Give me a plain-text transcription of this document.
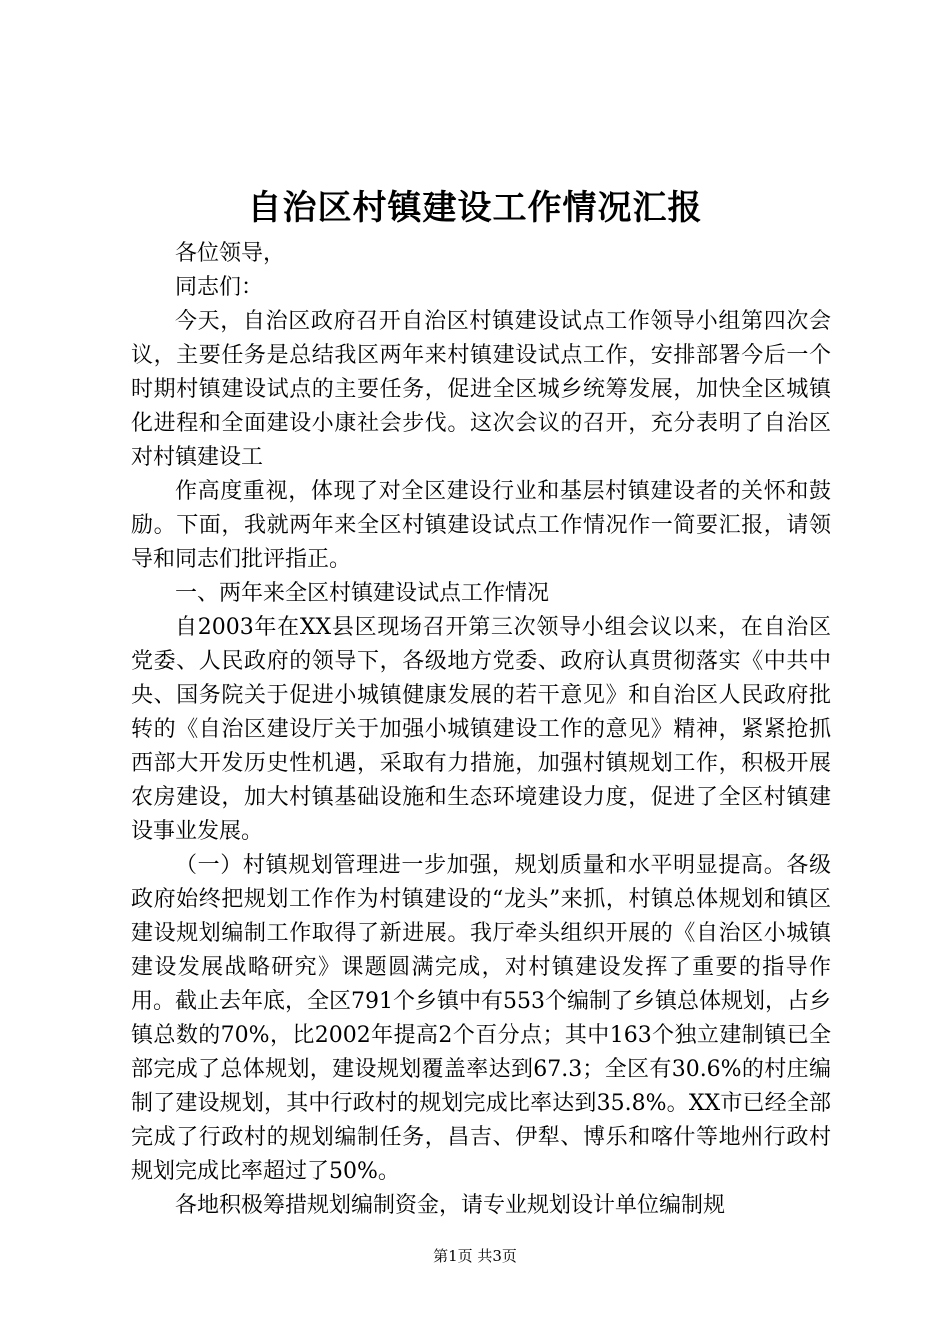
自治区村镇建设工作情况汇报

各位领导，

同志们：

今天，自治区政府召开自治区村镇建设试点工作领导小组第四次会议，主要任务是总结我区两年来村镇建设试点工作，安排部署今后一个时期村镇建设试点的主要任务，促进全区城乡统筹发展，加快全区城镇化进程和全面建设小康社会步伐。这次会议的召开，充分表明了自治区对村镇建设工

作高度重视，体现了对全区建设行业和基层村镇建设者的关怀和鼓励。下面，我就两年来全区村镇建设试点工作情况作一简要汇报，请领导和同志们批评指正。

一、两年来全区村镇建设试点工作情况

自2003年在XX县区现场召开第三次领导小组会议以来，在自治区党委、人民政府的领导下，各级地方党委、政府认真贯彻落实《中共中央、国务院关于促进小城镇健康发展的若干意见》和自治区人民政府批转的《自治区建设厅关于加强小城镇建设工作的意见》精神，紧紧抢抓西部大开发历史性机遇，采取有力措施，加强村镇规划工作，积极开展农房建设，加大村镇基础设施和生态环境建设力度，促进了全区村镇建设事业发展。

（一）村镇规划管理进一步加强，规划质量和水平明显提高。各级政府始终把规划工作作为村镇建设的“龙头”来抓，村镇总体规划和镇区建设规划编制工作取得了新进展。我厅牵头组织开展的《自治区小城镇建设发展战略研究》课题圆满完成，对村镇建设发挥了重要的指导作用。截止去年底，全区791个乡镇中有553个编制了乡镇总体规划，占乡镇总数的70%，比2002年提高2个百分点；其中163个独立建制镇已全部完成了总体规划，建设规划覆盖率达到67.3；全区有30.6%的村庄编制了建设规划，其中行政村的规划完成比率达到35.8%。XX市已经全部完成了行政村的规划编制任务，昌吉、伊犁、博乐和喀什等地州行政村规划完成比率超过了50%。

各地积极筹措规划编制资金，请专业规划设计单位编制规

第1页 共3页
